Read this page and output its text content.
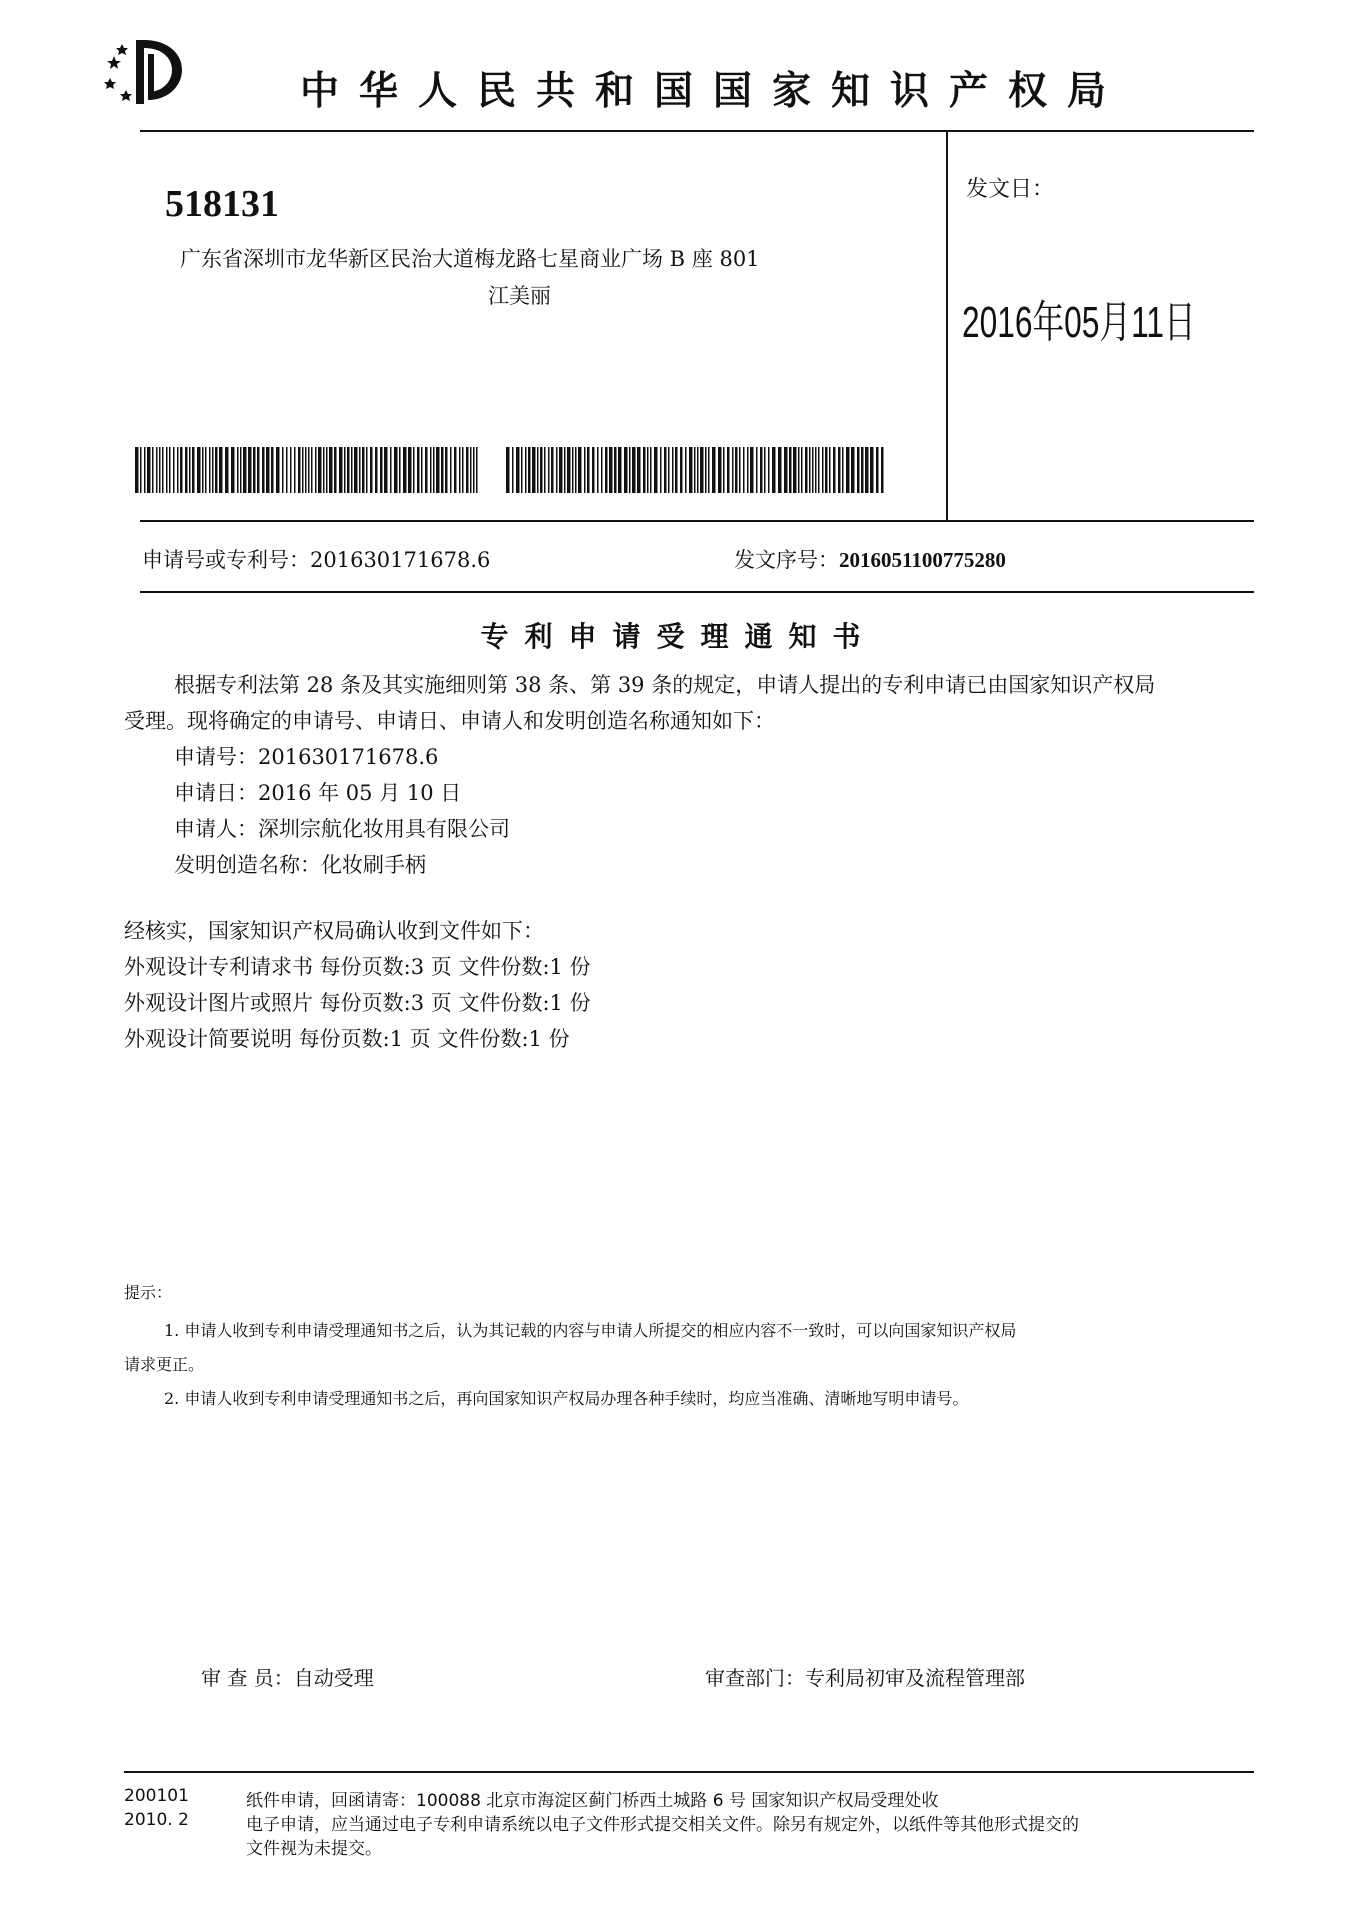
中华人民共和国国家知识产权局
518131
广东省深圳市龙华新区民治大道梅龙路七星商业广场 B 座 801
江美丽
发文日：
2016年05月11日
申请号或专利号：201630171678.6	发文序号：2016051100775280
专利申请受理通知书
根据专利法第 28 条及其实施细则第 38 条、第 39 条的规定，申请人提出的专利申请已由国家知识产权局
受理。现将确定的申请号、申请日、申请人和发明创造名称通知如下：
申请号：201630171678.6
申请日：2016 年 05 月 10 日
申请人：深圳宗航化妆用具有限公司
发明创造名称：化妆刷手柄
经核实，国家知识产权局确认收到文件如下：
外观设计专利请求书 每份页数:3 页 文件份数:1 份
外观设计图片或照片 每份页数:3 页 文件份数:1 份
外观设计简要说明 每份页数:1 页 文件份数:1 份
提示：
1. 申请人收到专利申请受理通知书之后，认为其记载的内容与申请人所提交的相应内容不一致时，可以向国家知识产权局
请求更正。
2. 申请人收到专利申请受理通知书之后，再向国家知识产权局办理各种手续时，均应当准确、清晰地写明申请号。
审 查 员：自动受理	审查部门：专利局初审及流程管理部
200101
2010. 2
纸件申请，回函请寄：100088 北京市海淀区蓟门桥西土城路 6 号 国家知识产权局受理处收
电子申请，应当通过电子专利申请系统以电子文件形式提交相关文件。除另有规定外，以纸件等其他形式提交的
文件视为未提交。
